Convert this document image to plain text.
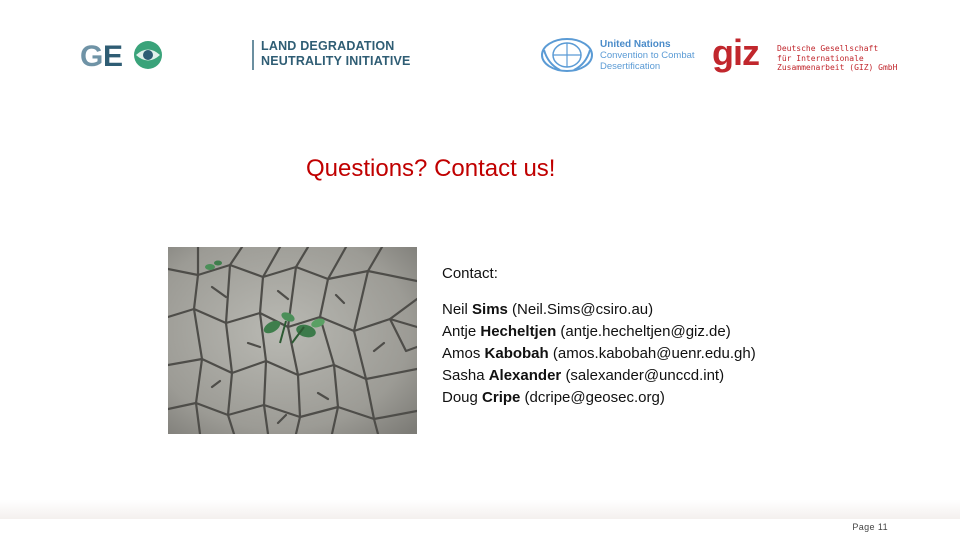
G E	LAND DEGRADATION
NEUTRALITY INITIATIVE
United Nations
Convention to Combat
Desertification	giz Deutsche Gesellschaft
für Internationale
Zusammenarbeit (GIZ) GmbH
Questions? Contact us!
Contact:
Neil Sims (Neil.Sims@csiro.au)
Antje Hecheltjen (antje.hecheltjen@giz.de)
Amos Kabobah (amos.kabobah@uenr.edu.gh)
Sasha Alexander (salexander@unccd.int)
Doug Cripe (dcripe@geosec.org)
Page 11
